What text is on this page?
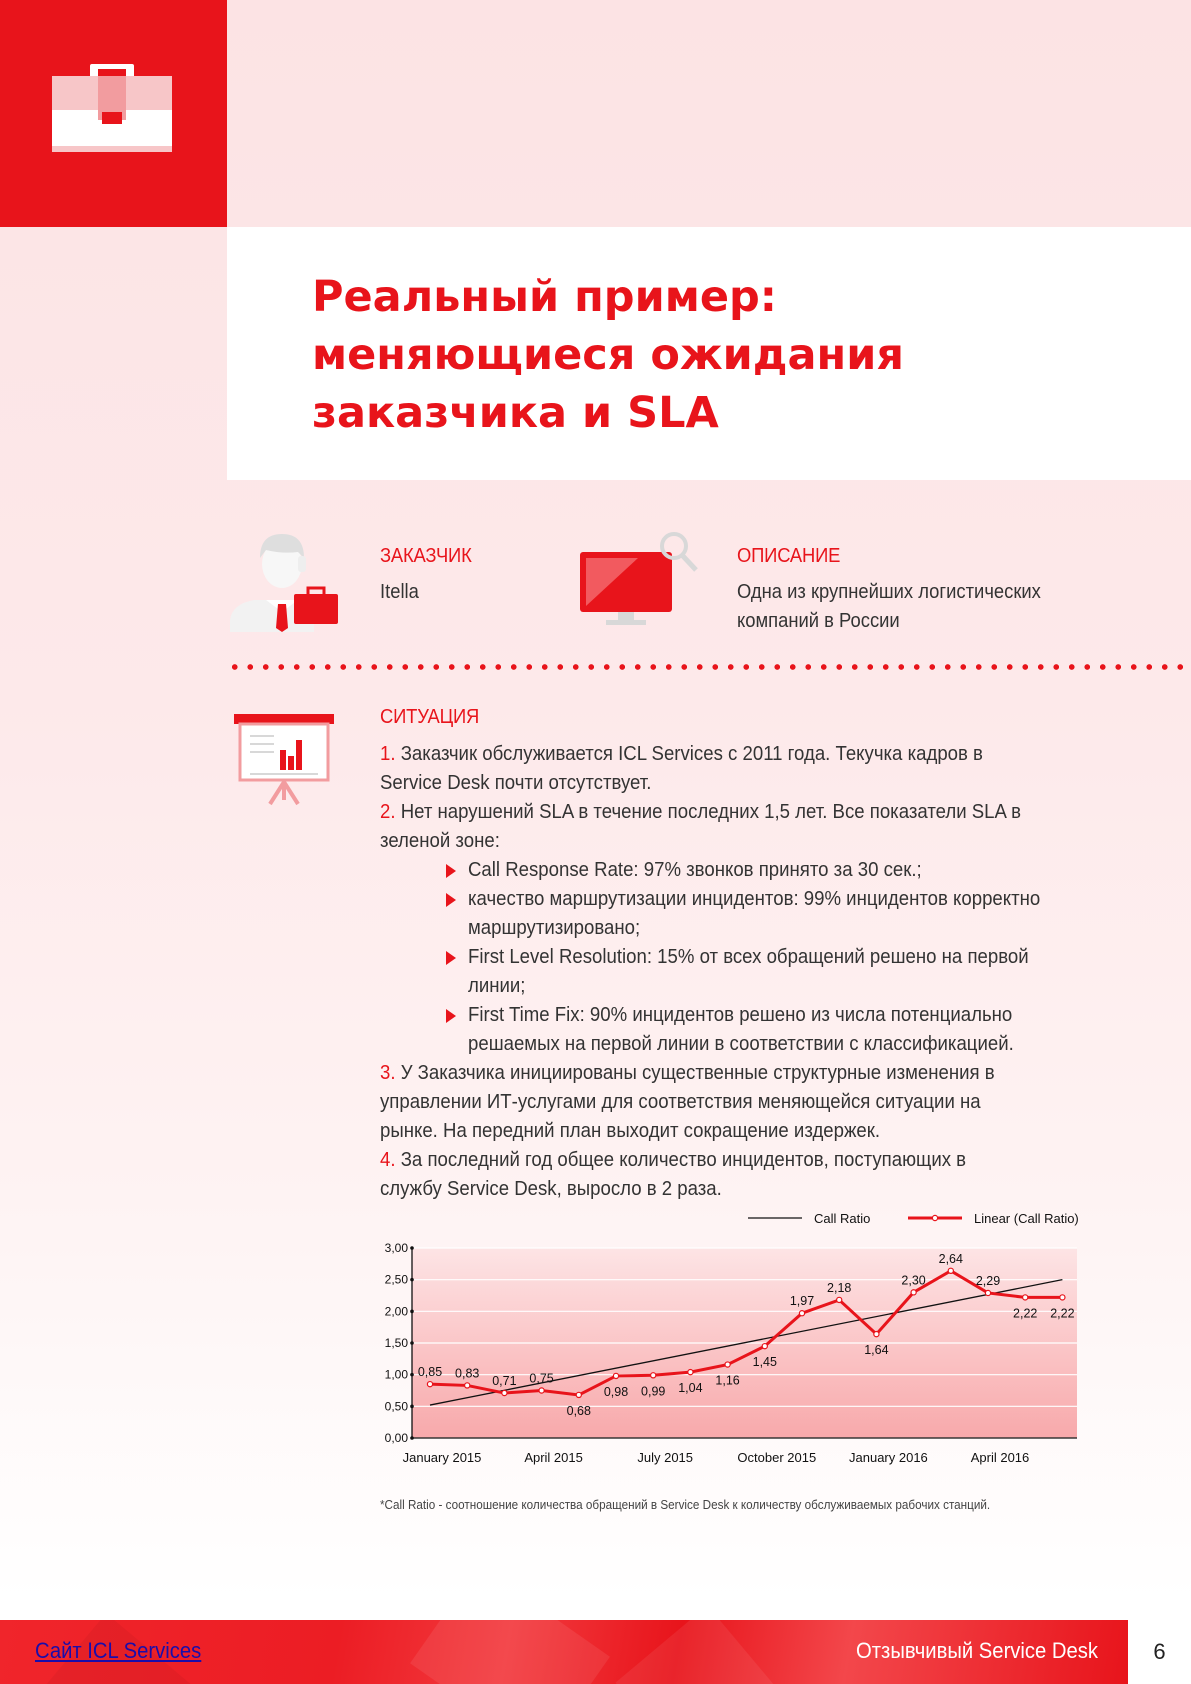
Реальный пример:
меняющиеся ожидания
заказчика и SLA
ЗАКАЗЧИК
Itella
ОПИСАНИЕ
Одна из крупнейших логистических
компаний в России
СИТУАЦИЯ
1. Заказчик обслуживается ICL Services с 2011 года. Текучка кадров в Service Desk почти отсутствует.
2. Нет нарушений SLA в течение последних 1,5 лет. Все показатели SLA в зеленой зоне:
Call Response Rate: 97% звонков принято за 30 сек.;
качество маршрутизации инцидентов: 99% инцидентов корректно маршрутизировано;
First Level Resolution: 15% от всех обращений решено на первой линии;
First Time Fix: 90% инцидентов решено из числа потенциально решаемых на первой линии в соответствии с классификацией.
3. У Заказчика инициированы существенные структурные изменения в управлении ИТ-услугами для соответствия меняющейся ситуации на рынке. На передний план выходит сокращение издержек.
4. За последний год общее количество инцидентов, поступающих в службу Service Desk, выросло в 2 раза.
0,00
0,50
1,00
1,50
2,00
2,50
3,00
January 2015	April 2015	July 2015	October 2015	January 2016	April 2016
0,85 0,83
0,71 0,75
0,68
0,98 0,99 1,04
1,16
1,45
1,97
2,18
1,64
2,30
2,64
2,29
2,22 2,22
Call Ratio	Linear (Call Ratio)
*Call Ratio - соотношение количества обращений в Service Desk к количеству обслуживаемых рабочих станций.
Сайт ICL Services	Отзывчивый Service Desk	6
